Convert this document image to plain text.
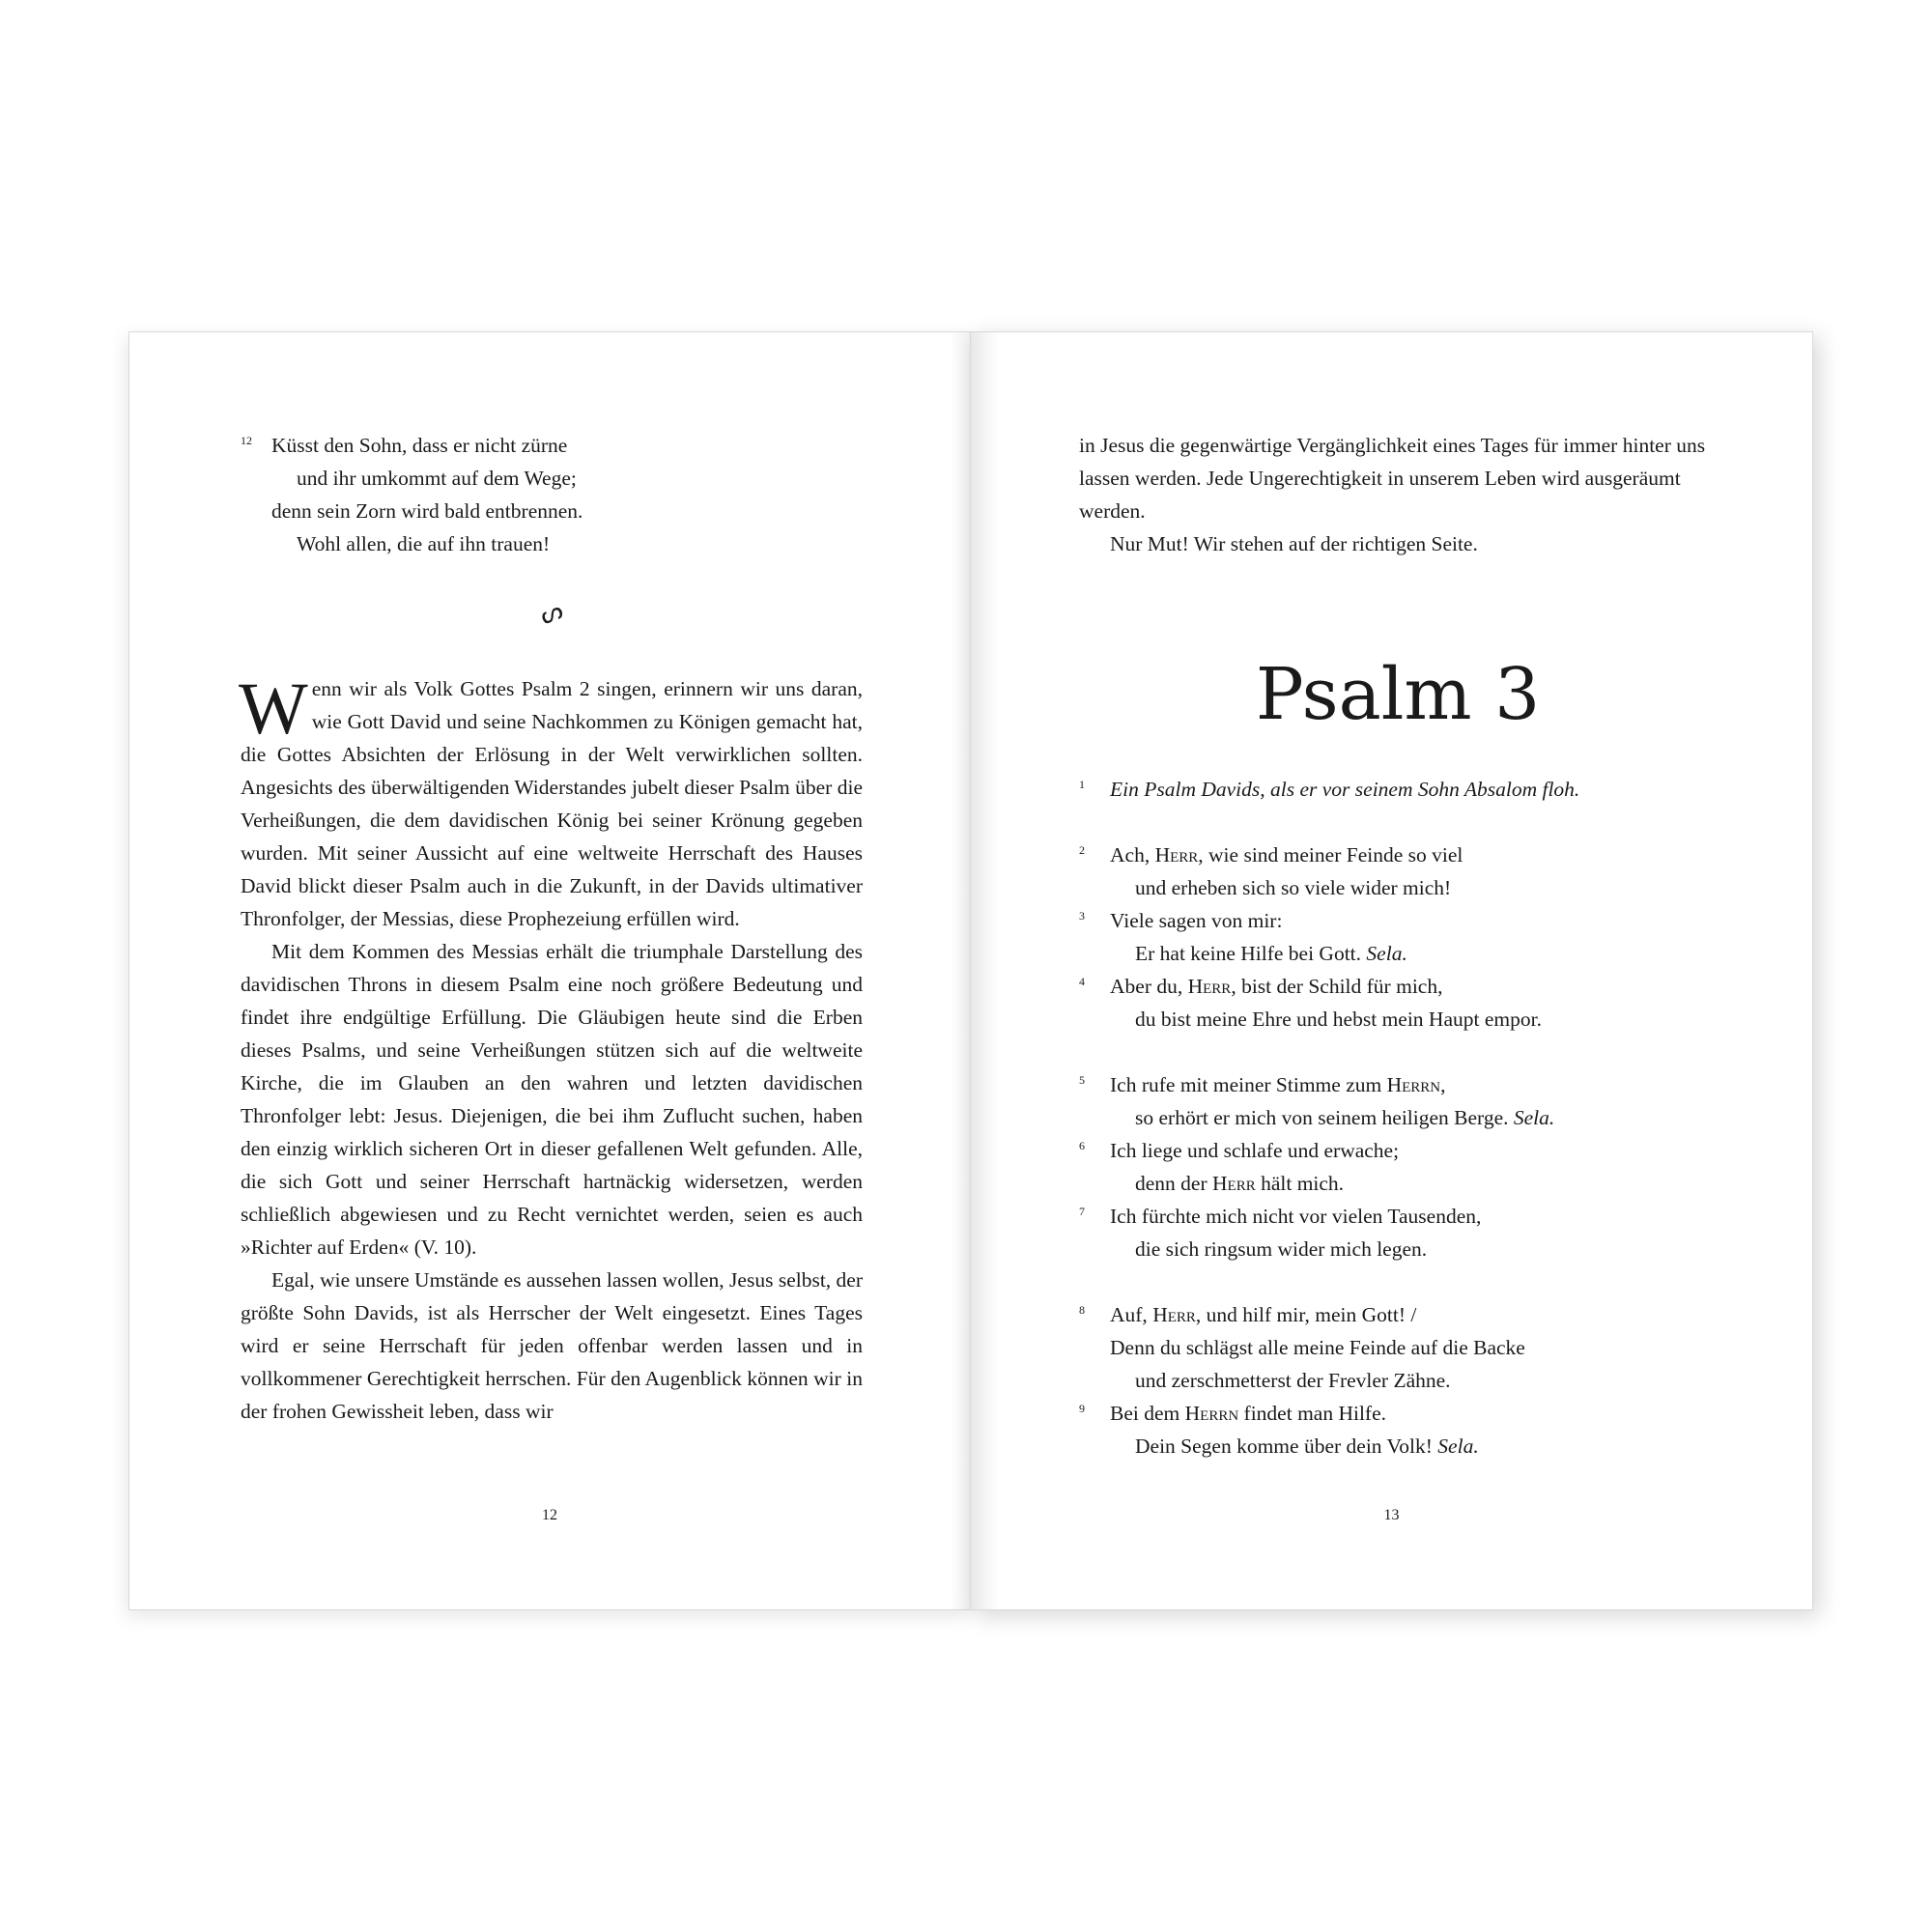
12 Küsst den Sohn, dass er nicht zürne
und ihr umkommt auf dem Wege;
denn sein Zorn wird bald entbrennen.
Wohl allen, die auf ihn trauen!
ᔕ

Wenn wir als Volk Gottes Psalm 2 singen, erinnern wir uns daran, wie Gott David und seine Nachkommen zu Königen gemacht hat, die Gottes Absichten der Erlösung in der Welt verwirklichen sollten. Angesichts des überwältigenden Widerstandes jubelt dieser Psalm über die Verheißungen, die dem davidischen König bei seiner Krönung gegeben wurden. Mit seiner Aussicht auf eine weltweite Herrschaft des Hauses David blickt dieser Psalm auch in die Zukunft, in der Davids ultimativer Thronfolger, der Messias, diese Prophezeiung erfüllen wird.

Mit dem Kommen des Messias erhält die triumphale Darstellung des davidischen Throns in diesem Psalm eine noch größere Bedeutung und findet ihre endgültige Erfüllung. Die Gläubigen heute sind die Erben dieses Psalms, und seine Verheißungen stützen sich auf die weltweite Kirche, die im Glauben an den wahren und letzten davidischen Thronfolger lebt: Jesus. Diejenigen, die bei ihm Zuflucht suchen, haben den einzig wirklich sicheren Ort in dieser gefallenen Welt gefunden. Alle, die sich Gott und seiner Herrschaft hartnäckig widersetzen, werden schließlich abgewiesen und zu Recht vernichtet werden, seien es auch »Richter auf Erden« (V. 10).

Egal, wie unsere Umstände es aussehen lassen wollen, Jesus selbst, der größte Sohn Davids, ist als Herrscher der Welt eingesetzt. Eines Tages wird er seine Herrschaft für jeden offenbar werden lassen und in vollkommener Gerechtigkeit herrschen. Für den Augenblick können wir in der frohen Gewissheit leben, dass wir

12

in Jesus die gegenwärtige Vergänglichkeit eines Tages für immer hinter uns lassen werden. Jede Ungerechtigkeit in unserem Leben wird ausgeräumt werden.

Nur Mut! Wir stehen auf der richtigen Seite.

Psalm 3
1 Ein Psalm Davids, als er vor seinem Sohn Absalom floh.
2 Ach, Herr, wie sind meiner Feinde so viel
und erheben sich so viele wider mich!
3 Viele sagen von mir:
Er hat keine Hilfe bei Gott. Sela.
4 Aber du, Herr, bist der Schild für mich,
du bist meine Ehre und hebst mein Haupt empor.
5 Ich rufe mit meiner Stimme zum Herrn,
so erhört er mich von seinem heiligen Berge. Sela.
6 Ich liege und schlafe und erwache;
denn der Herr hält mich.
7 Ich fürchte mich nicht vor vielen Tausenden,
die sich ringsum wider mich legen.
8 Auf, Herr, und hilf mir, mein Gott! /
Denn du schlägst alle meine Feinde auf die Backe
und zerschmetterst der Frevler Zähne.
9 Bei dem Herrn findet man Hilfe.
Dein Segen komme über dein Volk! Sela.
13
